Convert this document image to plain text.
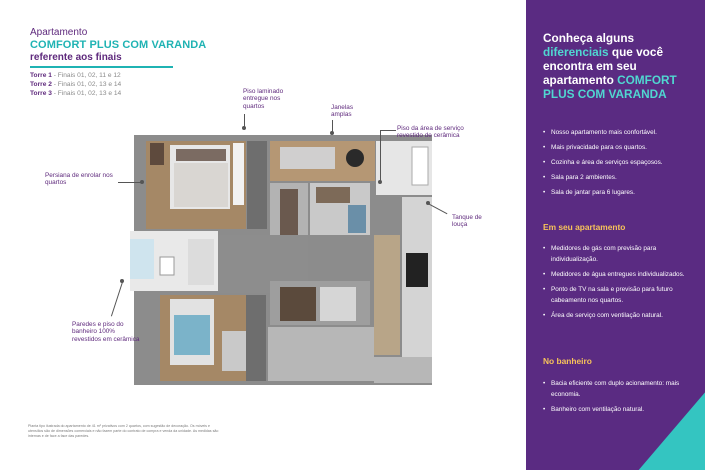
Apartamento
COMFORT PLUS COM VARANDA
referente aos finais
Torre 1 - Finais 01, 02, 11 e 12
Torre 2 - Finais 01, 02, 13 e 14
Torre 3 - Finais 01, 02, 13 e 14	Piso laminado entregue nos quartos	Janelas amplas
Piso da área de serviço revestido de cerâmica
Persiana de enrolar nos quartos
Tanque de louça
Paredes e piso do banheiro 100% revestidos em cerâmica
Planta tipo ilustrada do apartamento de 41 m² privativos com 2 quartos, com sugestão de decoração. Os móveis e utensílios são de dimensões comerciais e não fazem parte do contrato de compra e venda da unidade. As medidas são internas e de face a face das paredes.
Conheça alguns diferenciais que você encontra em seu apartamento COMFORT PLUS COM VARANDA
• Nosso apartamento mais confortável.
• Mais privacidade para os quartos.
• Cozinha e área de serviços espaçosos.
• Sala para 2 ambientes.
• Sala de jantar para 6 lugares.
Em seu apartamento
• Medidores de gás com previsão para individualização.
• Medidores de água entregues individualizados.
• Ponto de TV na sala e previsão para futuro cabeamento nos quartos.
• Área de serviço com ventilação natural.
No banheiro
• Bacia eficiente com duplo acionamento: mais economia.
• Banheiro com ventilação natural.
